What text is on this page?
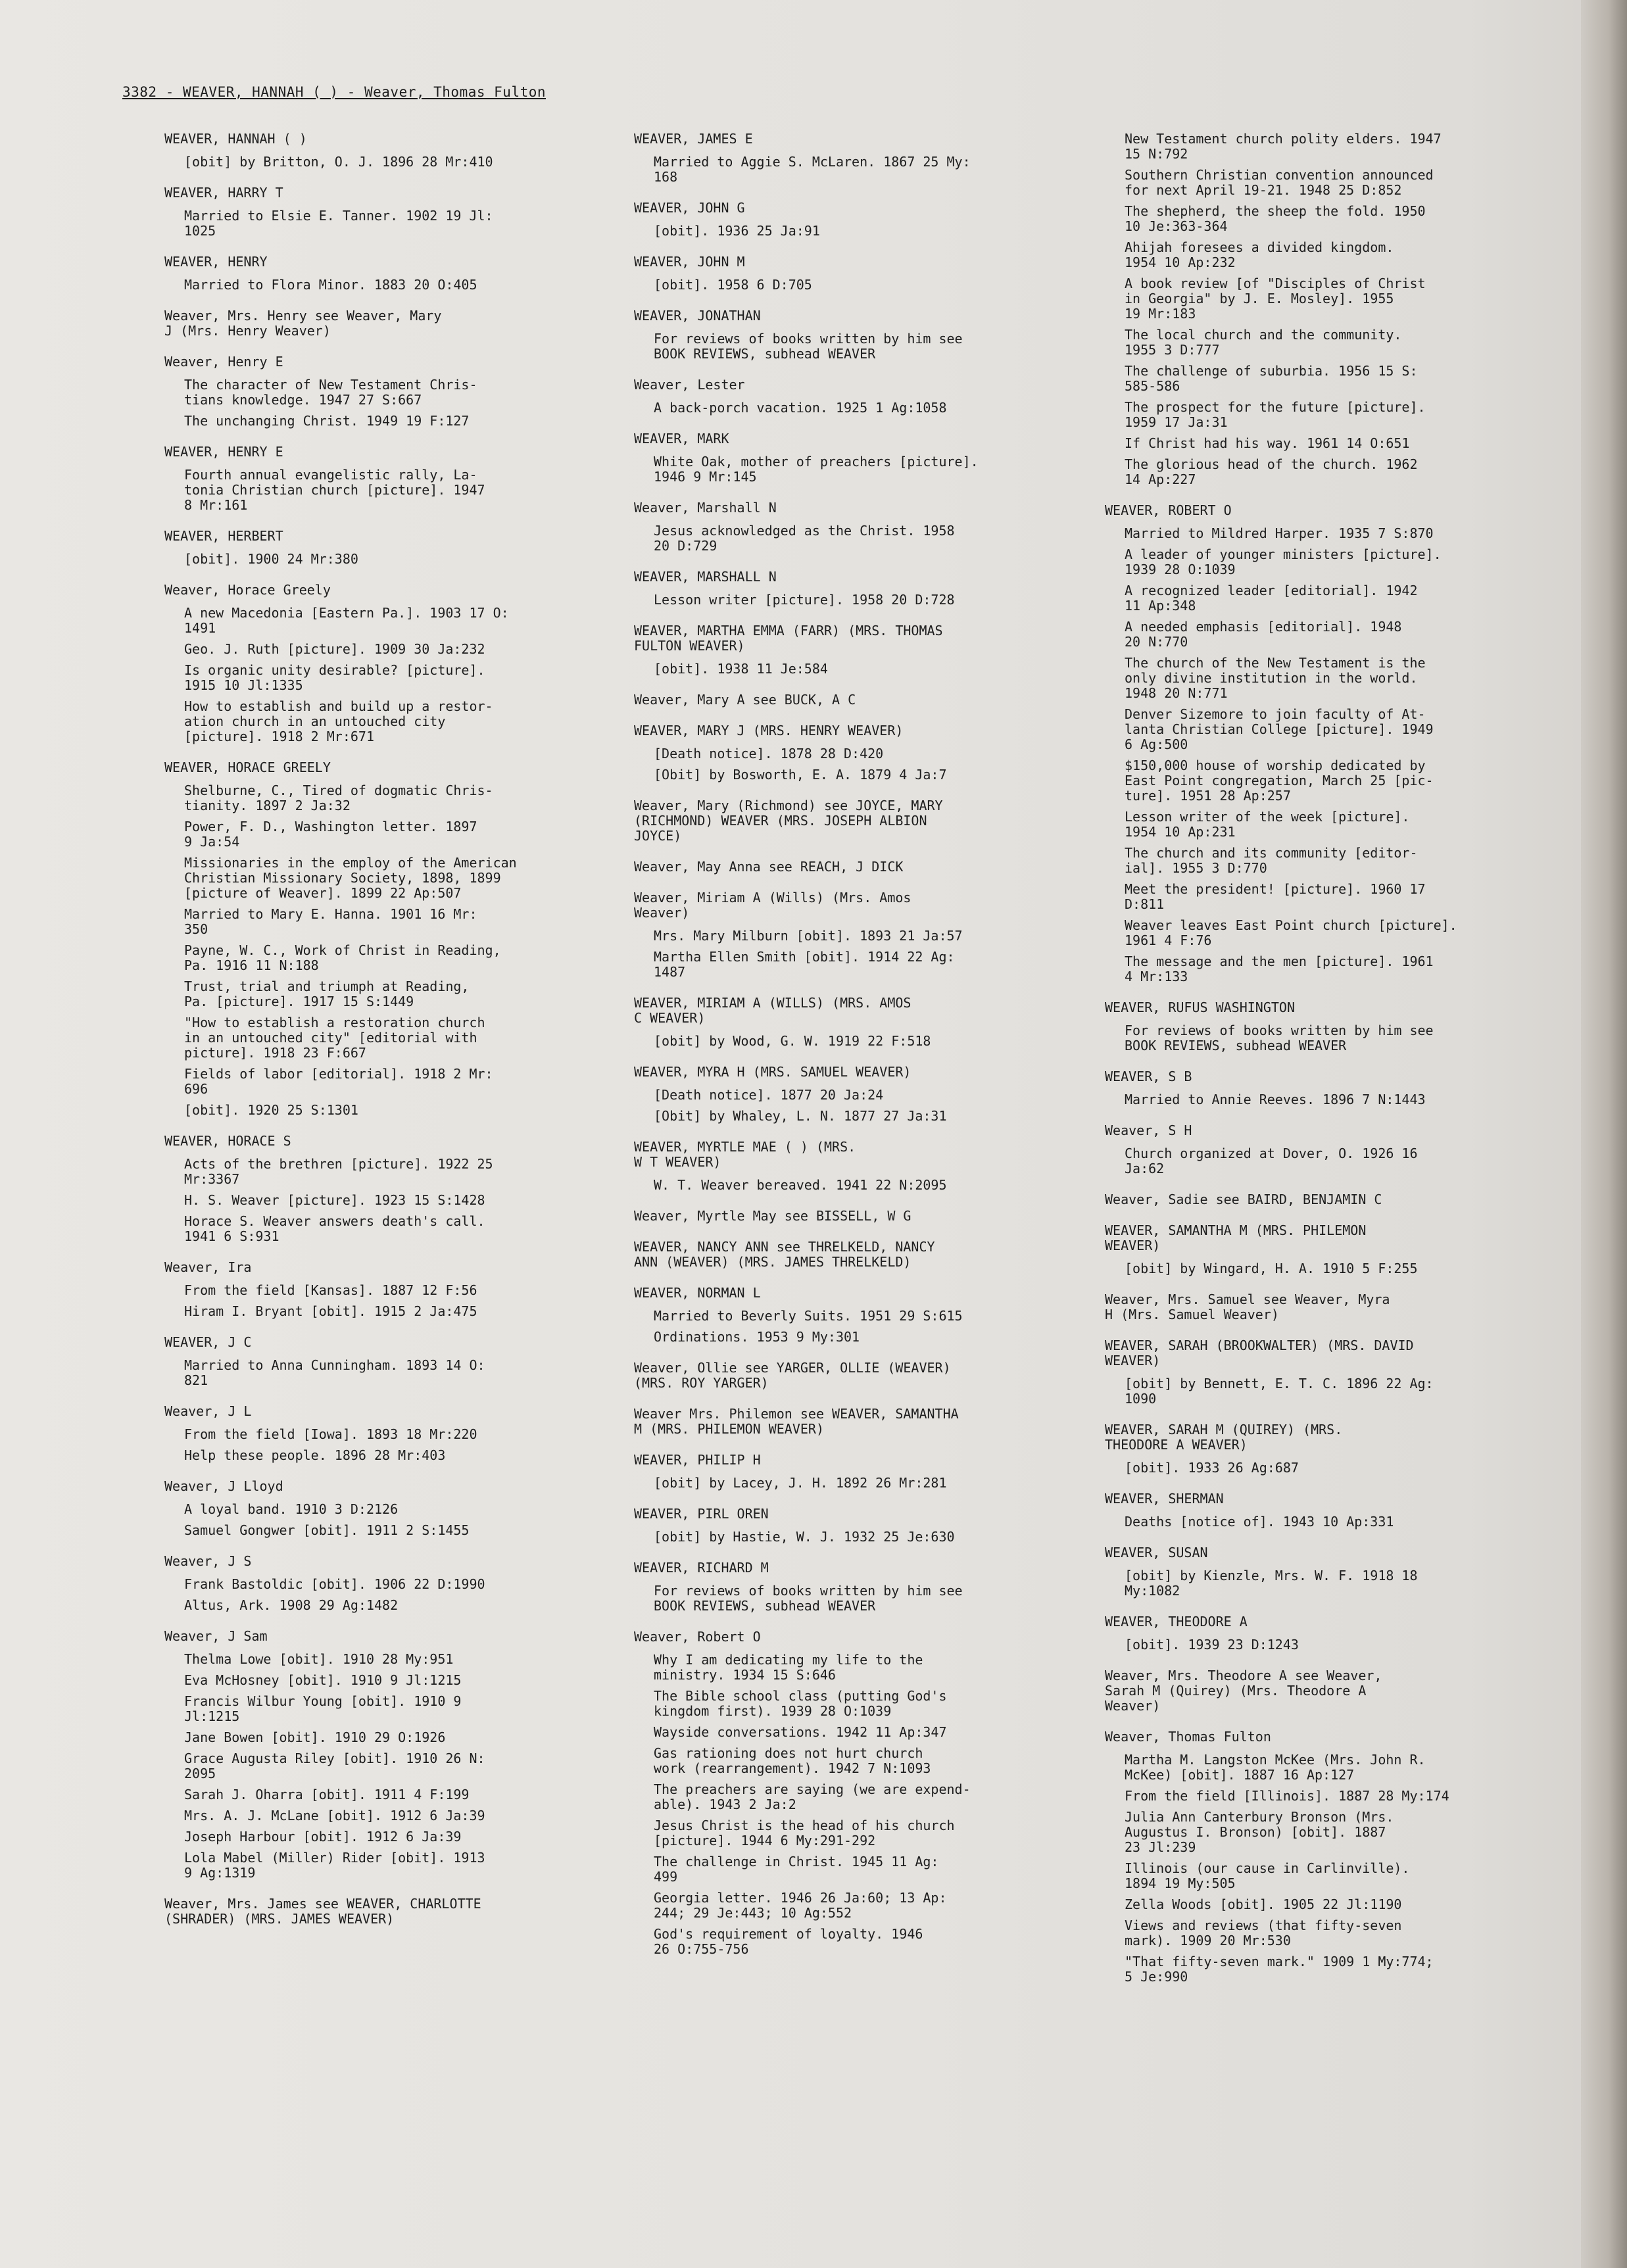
3382 - WEAVER, HANNAH ( ) - Weaver, Thomas Fulton
WEAVER, HANNAH ( )
[obit] by Britton, O. J. 1896 28 Mr:410
WEAVER, HARRY T
Married to Elsie E. Tanner. 1902 19 Jl:
1025
WEAVER, HENRY
Married to Flora Minor. 1883 20 O:405
Weaver, Mrs. Henry see Weaver, Mary
J (Mrs. Henry Weaver)
Weaver, Henry E
The character of New Testament Chris-
tians knowledge. 1947 27 S:667
The unchanging Christ. 1949 19 F:127
WEAVER, HENRY E
Fourth annual evangelistic rally, La-
tonia Christian church [picture]. 1947
8 Mr:161
WEAVER, HERBERT
[obit]. 1900 24 Mr:380
Weaver, Horace Greely
A new Macedonia [Eastern Pa.]. 1903 17 O:
1491
Geo. J. Ruth [picture]. 1909 30 Ja:232
Is organic unity desirable? [picture].
1915 10 Jl:1335
How to establish and build up a restor-
ation church in an untouched city
[picture]. 1918 2 Mr:671
WEAVER, HORACE GREELY
Shelburne, C., Tired of dogmatic Chris-
tianity. 1897 2 Ja:32
Power, F. D., Washington letter. 1897
9 Ja:54
Missionaries in the employ of the American
Christian Missionary Society, 1898, 1899
[picture of Weaver]. 1899 22 Ap:507
Married to Mary E. Hanna. 1901 16 Mr:
350
Payne, W. C., Work of Christ in Reading,
Pa. 1916 11 N:188
Trust, trial and triumph at Reading,
Pa. [picture]. 1917 15 S:1449
"How to establish a restoration church
in an untouched city" [editorial with
picture]. 1918 23 F:667
Fields of labor [editorial]. 1918 2 Mr:
696
[obit]. 1920 25 S:1301
WEAVER, HORACE S
Acts of the brethren [picture]. 1922 25
Mr:3367
H. S. Weaver [picture]. 1923 15 S:1428
Horace S. Weaver answers death's call.
1941 6 S:931
Weaver, Ira
From the field [Kansas]. 1887 12 F:56
Hiram I. Bryant [obit]. 1915 2 Ja:475
WEAVER, J C
Married to Anna Cunningham. 1893 14 O:
821
Weaver, J L
From the field [Iowa]. 1893 18 Mr:220
Help these people. 1896 28 Mr:403
Weaver, J Lloyd
A loyal band. 1910 3 D:2126
Samuel Gongwer [obit]. 1911 2 S:1455
Weaver, J S
Frank Bastoldic [obit]. 1906 22 D:1990
Altus, Ark. 1908 29 Ag:1482
Weaver, J Sam
Thelma Lowe [obit]. 1910 28 My:951
Eva McHosney [obit]. 1910 9 Jl:1215
Francis Wilbur Young [obit]. 1910 9
Jl:1215
Jane Bowen [obit]. 1910 29 O:1926
Grace Augusta Riley [obit]. 1910 26 N:
2095
Sarah J. Oharra [obit]. 1911 4 F:199
Mrs. A. J. McLane [obit]. 1912 6 Ja:39
Joseph Harbour [obit]. 1912 6 Ja:39
Lola Mabel (Miller) Rider [obit]. 1913
9 Ag:1319
Weaver, Mrs. James see WEAVER, CHARLOTTE
(SHRADER) (MRS. JAMES WEAVER)
WEAVER, JAMES E
Married to Aggie S. McLaren. 1867 25 My:
168
WEAVER, JOHN G
[obit]. 1936 25 Ja:91
WEAVER, JOHN M
[obit]. 1958 6 D:705
WEAVER, JONATHAN
For reviews of books written by him see
BOOK REVIEWS, subhead WEAVER
Weaver, Lester
A back-porch vacation. 1925 1 Ag:1058
WEAVER, MARK
White Oak, mother of preachers [picture].
1946 9 Mr:145
Weaver, Marshall N
Jesus acknowledged as the Christ. 1958
20 D:729
WEAVER, MARSHALL N
Lesson writer [picture]. 1958 20 D:728
WEAVER, MARTHA EMMA (FARR) (MRS. THOMAS
FULTON WEAVER)
[obit]. 1938 11 Je:584
Weaver, Mary A see BUCK, A C
WEAVER, MARY J (MRS. HENRY WEAVER)
[Death notice]. 1878 28 D:420
[Obit] by Bosworth, E. A. 1879 4 Ja:7
Weaver, Mary (Richmond) see JOYCE, MARY
(RICHMOND) WEAVER (MRS. JOSEPH ALBION
JOYCE)
Weaver, May Anna see REACH, J DICK
Weaver, Miriam A (Wills) (Mrs. Amos
Weaver)
Mrs. Mary Milburn [obit]. 1893 21 Ja:57
Martha Ellen Smith [obit]. 1914 22 Ag:
1487
WEAVER, MIRIAM A (WILLS) (MRS. AMOS
C WEAVER)
[obit] by Wood, G. W. 1919 22 F:518
WEAVER, MYRA H (MRS. SAMUEL WEAVER)
[Death notice]. 1877 20 Ja:24
[Obit] by Whaley, L. N. 1877 27 Ja:31
WEAVER, MYRTLE MAE ( ) (MRS.
W T WEAVER)
W. T. Weaver bereaved. 1941 22 N:2095
Weaver, Myrtle May see BISSELL, W G
WEAVER, NANCY ANN see THRELKELD, NANCY
ANN (WEAVER) (MRS. JAMES THRELKELD)
WEAVER, NORMAN L
Married to Beverly Suits. 1951 29 S:615
Ordinations. 1953 9 My:301
Weaver, Ollie see YARGER, OLLIE (WEAVER)
(MRS. ROY YARGER)
Weaver Mrs. Philemon see WEAVER, SAMANTHA
M (MRS. PHILEMON WEAVER)
WEAVER, PHILIP H
[obit] by Lacey, J. H. 1892 26 Mr:281
WEAVER, PIRL OREN
[obit] by Hastie, W. J. 1932 25 Je:630
WEAVER, RICHARD M
For reviews of books written by him see
BOOK REVIEWS, subhead WEAVER
Weaver, Robert O
Why I am dedicating my life to the
ministry. 1934 15 S:646
The Bible school class (putting God's
kingdom first). 1939 28 O:1039
Wayside conversations. 1942 11 Ap:347
Gas rationing does not hurt church
work (rearrangement). 1942 7 N:1093
The preachers are saying (we are expend-
able). 1943 2 Ja:2
Jesus Christ is the head of his church
[picture]. 1944 6 My:291-292
The challenge in Christ. 1945 11 Ag:
499
Georgia letter. 1946 26 Ja:60; 13 Ap:
244; 29 Je:443; 10 Ag:552
God's requirement of loyalty. 1946
26 O:755-756
New Testament church polity elders. 1947
15 N:792
Southern Christian convention announced
for next April 19-21. 1948 25 D:852
The shepherd, the sheep the fold. 1950
10 Je:363-364
Ahijah foresees a divided kingdom.
1954 10 Ap:232
A book review [of "Disciples of Christ
in Georgia" by J. E. Mosley]. 1955
19 Mr:183
The local church and the community.
1955 3 D:777
The challenge of suburbia. 1956 15 S:
585-586
The prospect for the future [picture].
1959 17 Ja:31
If Christ had his way. 1961 14 O:651
The glorious head of the church. 1962
14 Ap:227
WEAVER, ROBERT O
Married to Mildred Harper. 1935 7 S:870
A leader of younger ministers [picture].
1939 28 O:1039
A recognized leader [editorial]. 1942
11 Ap:348
A needed emphasis [editorial]. 1948
20 N:770
The church of the New Testament is the
only divine institution in the world.
1948 20 N:771
Denver Sizemore to join faculty of At-
lanta Christian College [picture]. 1949
6 Ag:500
$150,000 house of worship dedicated by
East Point congregation, March 25 [pic-
ture]. 1951 28 Ap:257
Lesson writer of the week [picture].
1954 10 Ap:231
The church and its community [editor-
ial]. 1955 3 D:770
Meet the president! [picture]. 1960 17
D:811
Weaver leaves East Point church [picture].
1961 4 F:76
The message and the men [picture]. 1961
4 Mr:133
WEAVER, RUFUS WASHINGTON
For reviews of books written by him see
BOOK REVIEWS, subhead WEAVER
WEAVER, S B
Married to Annie Reeves. 1896 7 N:1443
Weaver, S H
Church organized at Dover, O. 1926 16
Ja:62
Weaver, Sadie see BAIRD, BENJAMIN C
WEAVER, SAMANTHA M (MRS. PHILEMON
WEAVER)
[obit] by Wingard, H. A. 1910 5 F:255
Weaver, Mrs. Samuel see Weaver, Myra
H (Mrs. Samuel Weaver)
WEAVER, SARAH (BROOKWALTER) (MRS. DAVID
WEAVER)
[obit] by Bennett, E. T. C. 1896 22 Ag:
1090
WEAVER, SARAH M (QUIREY) (MRS.
THEODORE A WEAVER)
[obit]. 1933 26 Ag:687
WEAVER, SHERMAN
Deaths [notice of]. 1943 10 Ap:331
WEAVER, SUSAN
[obit] by Kienzle, Mrs. W. F. 1918 18
My:1082
WEAVER, THEODORE A
[obit]. 1939 23 D:1243
Weaver, Mrs. Theodore A see Weaver,
Sarah M (Quirey) (Mrs. Theodore A
Weaver)
Weaver, Thomas Fulton
Martha M. Langston McKee (Mrs. John R.
McKee) [obit]. 1887 16 Ap:127
From the field [Illinois]. 1887 28 My:174
Julia Ann Canterbury Bronson (Mrs.
Augustus I. Bronson) [obit]. 1887
23 Jl:239
Illinois (our cause in Carlinville).
1894 19 My:505
Zella Woods [obit]. 1905 22 Jl:1190
Views and reviews (that fifty-seven
mark). 1909 20 Mr:530
"That fifty-seven mark." 1909 1 My:774;
5 Je:990
